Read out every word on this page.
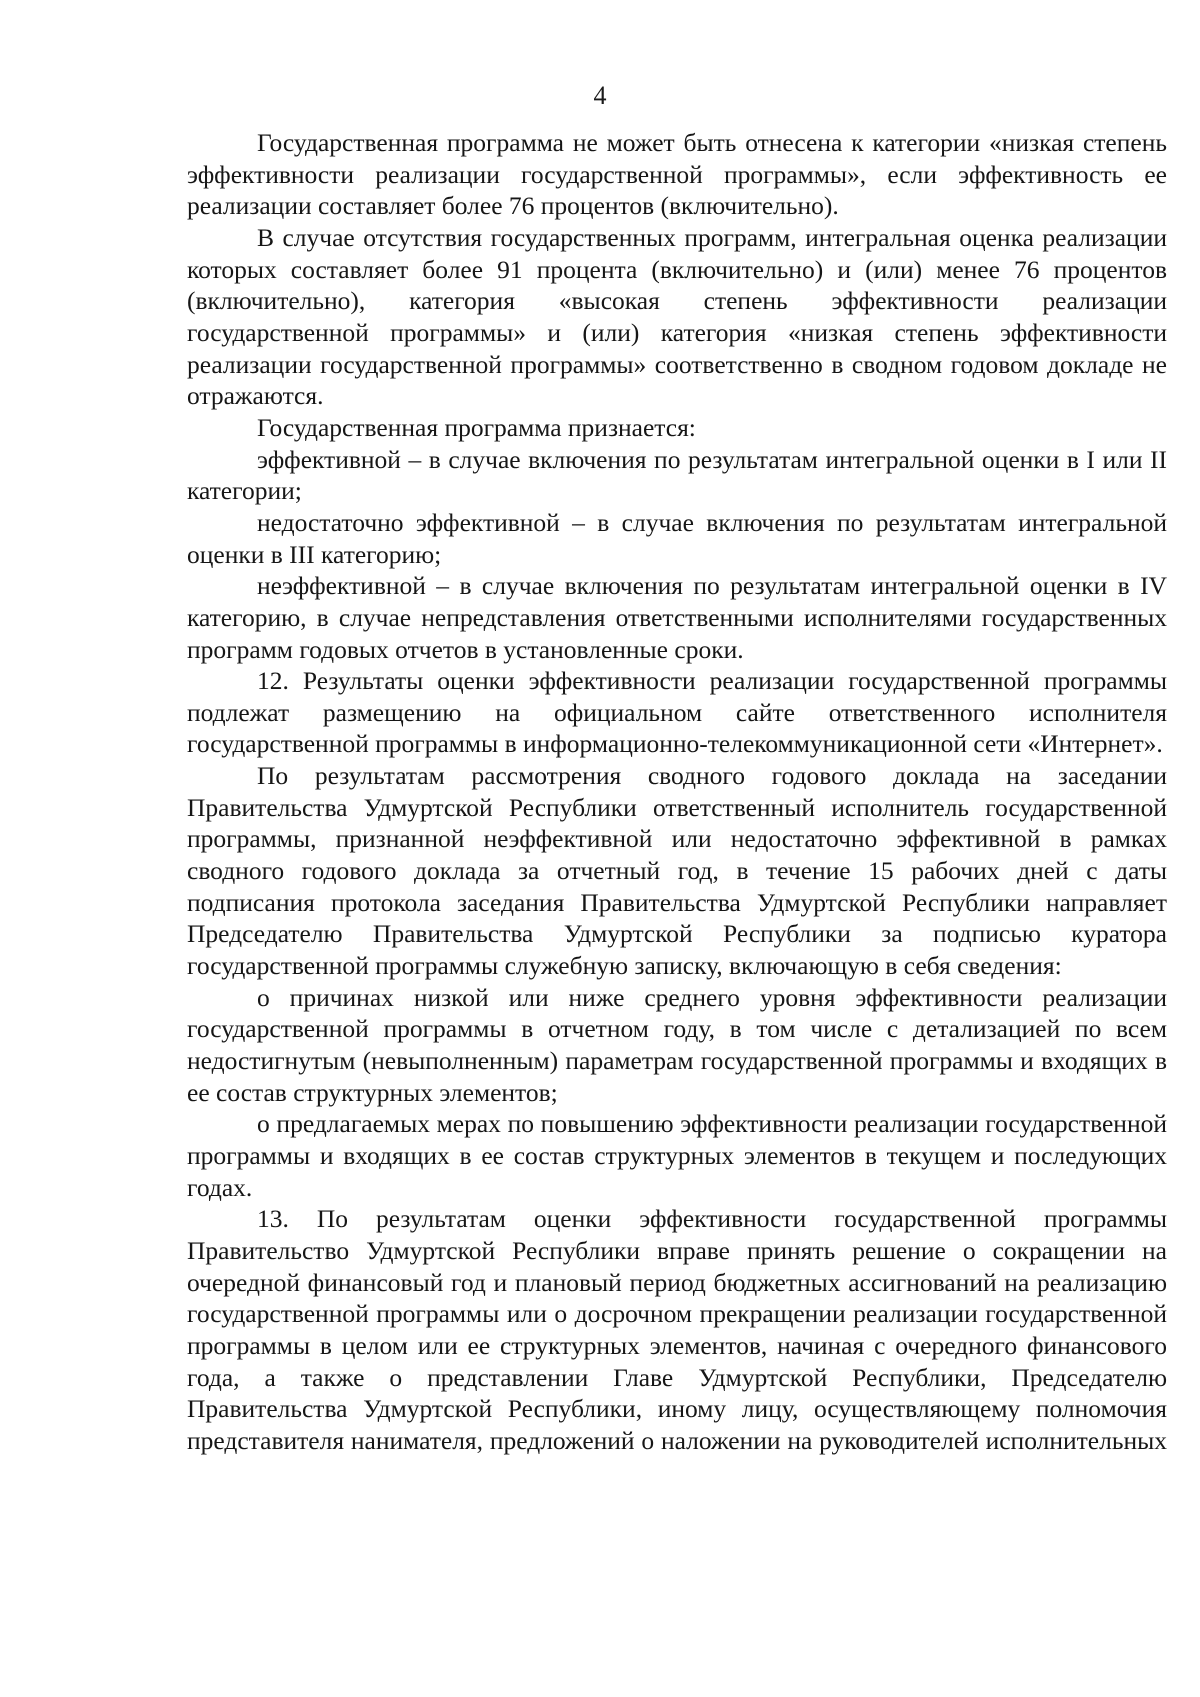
4

Государственная программа не может быть отнесена к категории «низкая степень эффективности реализации государственной программы», если эффективность ее реализации составляет более 76 процентов (включительно).

В случае отсутствия государственных программ, интегральная оценка реализации которых составляет более 91 процента (включительно) и (или) менее 76 процентов (включительно), категория «высокая степень эффективности реализации государственной программы» и (или) категория «низкая степень эффективности реализации государственной программы» соответственно в сводном годовом докладе не отражаются.

Государственная программа признается:

эффективной – в случае включения по результатам интегральной оценки в I или II категории;

недостаточно эффективной – в случае включения по результатам интегральной оценки в III категорию;

неэффективной – в случае включения по результатам интегральной оценки в IV категорию, в случае непредставления ответственными исполнителями государственных программ годовых отчетов в установленные сроки.

12. Результаты оценки эффективности реализации государственной программы подлежат размещению на официальном сайте ответственного исполнителя государственной программы в информационно-телекоммуникационной сети «Интернет».

По результатам рассмотрения сводного годового доклада на заседании Правительства Удмуртской Республики ответственный исполнитель государственной программы, признанной неэффективной или недостаточно эффективной в рамках сводного годового доклада за отчетный год, в течение 15 рабочих дней с даты подписания протокола заседания Правительства Удмуртской Республики направляет Председателю Правительства Удмуртской Республики за подписью куратора государственной программы служебную записку, включающую в себя сведения:

о причинах низкой или ниже среднего уровня эффективности реализации государственной программы в отчетном году, в том числе с детализацией по всем недостигнутым (невыполненным) параметрам государственной программы и входящих в ее состав структурных элементов;

о предлагаемых мерах по повышению эффективности реализации государственной программы и входящих в ее состав структурных элементов в текущем и последующих годах.

13. По результатам оценки эффективности государственной программы Правительство Удмуртской Республики вправе принять решение о сокращении на очередной финансовый год и плановый период бюджетных ассигнований на реализацию государственной программы или о досрочном прекращении реализации государственной программы в целом или ее структурных элементов, начиная с очередного финансового года, а также о представлении Главе Удмуртской Республики, Председателю Правительства Удмуртской Республики, иному лицу, осуществляющему полномочия представителя нанимателя, предложений о наложении на руководителей исполнительных
